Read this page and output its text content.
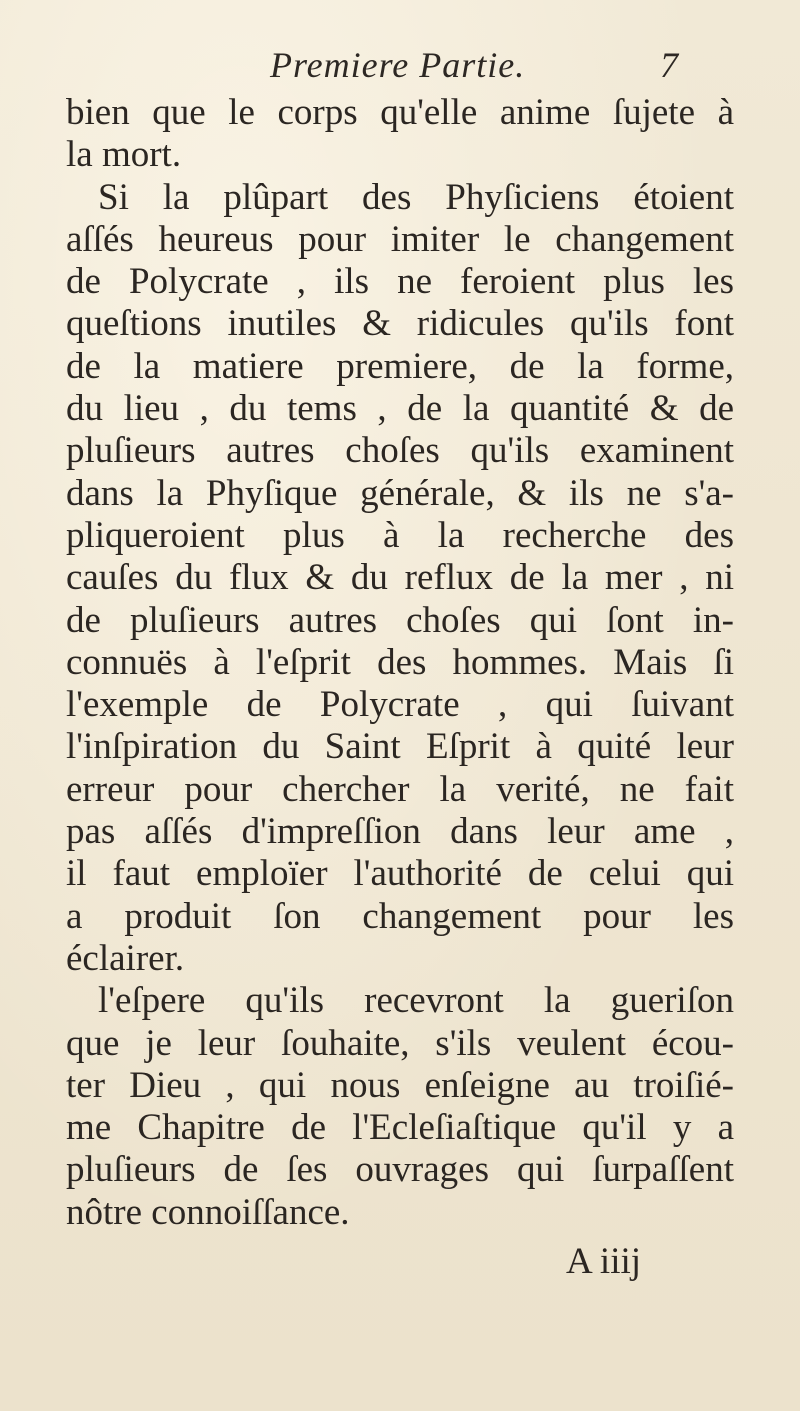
Premiere Partie.	7
bien que le corps qu'elle anime ſujete à
la mort.
Si la plûpart des Phyſiciens étoient
aſſés heureus pour imiter le changement
de Polycrate , ils ne feroient plus les
queſtions inutiles & ridicules qu'ils font
de la matiere premiere, de la forme,
du lieu , du tems , de la quantité & de
pluſieurs autres choſes qu'ils examinent
dans la Phyſique générale, & ils ne s'a-
pliqueroient plus à la recherche des
cauſes du flux & du reflux de la mer , ni
de pluſieurs autres choſes qui ſont in-
connuës à l'eſprit des hommes. Mais ſi
l'exemple de Polycrate , qui ſuivant
l'inſpiration du Saint Eſprit à quité leur
erreur pour chercher la verité, ne fait
pas aſſés d'impreſſion dans leur ame ,
il faut emploïer l'authorité de celui qui
a produit ſon changement pour les
éclairer.
l'eſpere qu'ils recevront la gueriſon
que je leur ſouhaite, s'ils veulent écou-
ter Dieu , qui nous enſeigne au troiſié-
me Chapitre de l'Ecleſiaſtique qu'il y a
pluſieurs de ſes ouvrages qui ſurpaſſent
nôtre connoiſſance.
A iiij
